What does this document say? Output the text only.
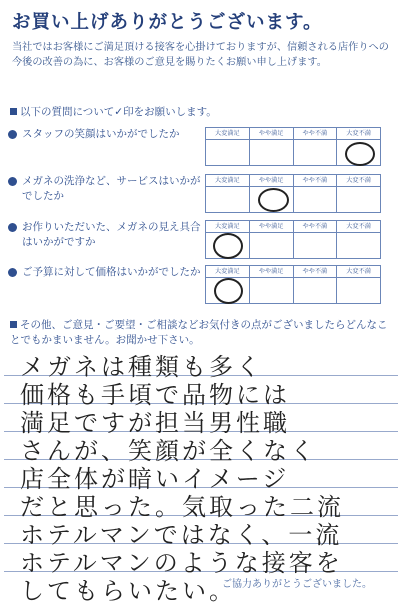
お買い上げありがとうございます。
当社ではお客様にご満足頂ける接客を心掛けておりますが、信頼される店作りへの今後の改善の為に、お客様のご意見を賜りたくお願い申し上げます。
以下の質問について✓印をお願いします。
スタッフの笑顔はいかがでしたか	大変満足	やや満足	やや不満	大変不満
メガネの洗浄など、サービスはいかがでしたか
大変満足	やや満足	やや不満	大変不満
お作りいただいた、メガネの見え具合はいかがですか
大変満足	やや満足	やや不満	大変不満
ご予算に対して価格はいかがでしたか	大変満足	やや満足	やや不満	大変不満
その他、ご意見・ご要望・ご相談などお気付きの点がございましたらどんなことでもかまいません。お聞かせ下さい。
メガネは種類も多く
価格も手頃で品物には
満足ですが担当男性職
さんが、笑顔が全くなく
店全体が暗いイメージ
だと思った。気取った二流
ホテルマンではなく、一流
ホテルマンのような接客を
してもらいたい。
ご協力ありがとうございました。
